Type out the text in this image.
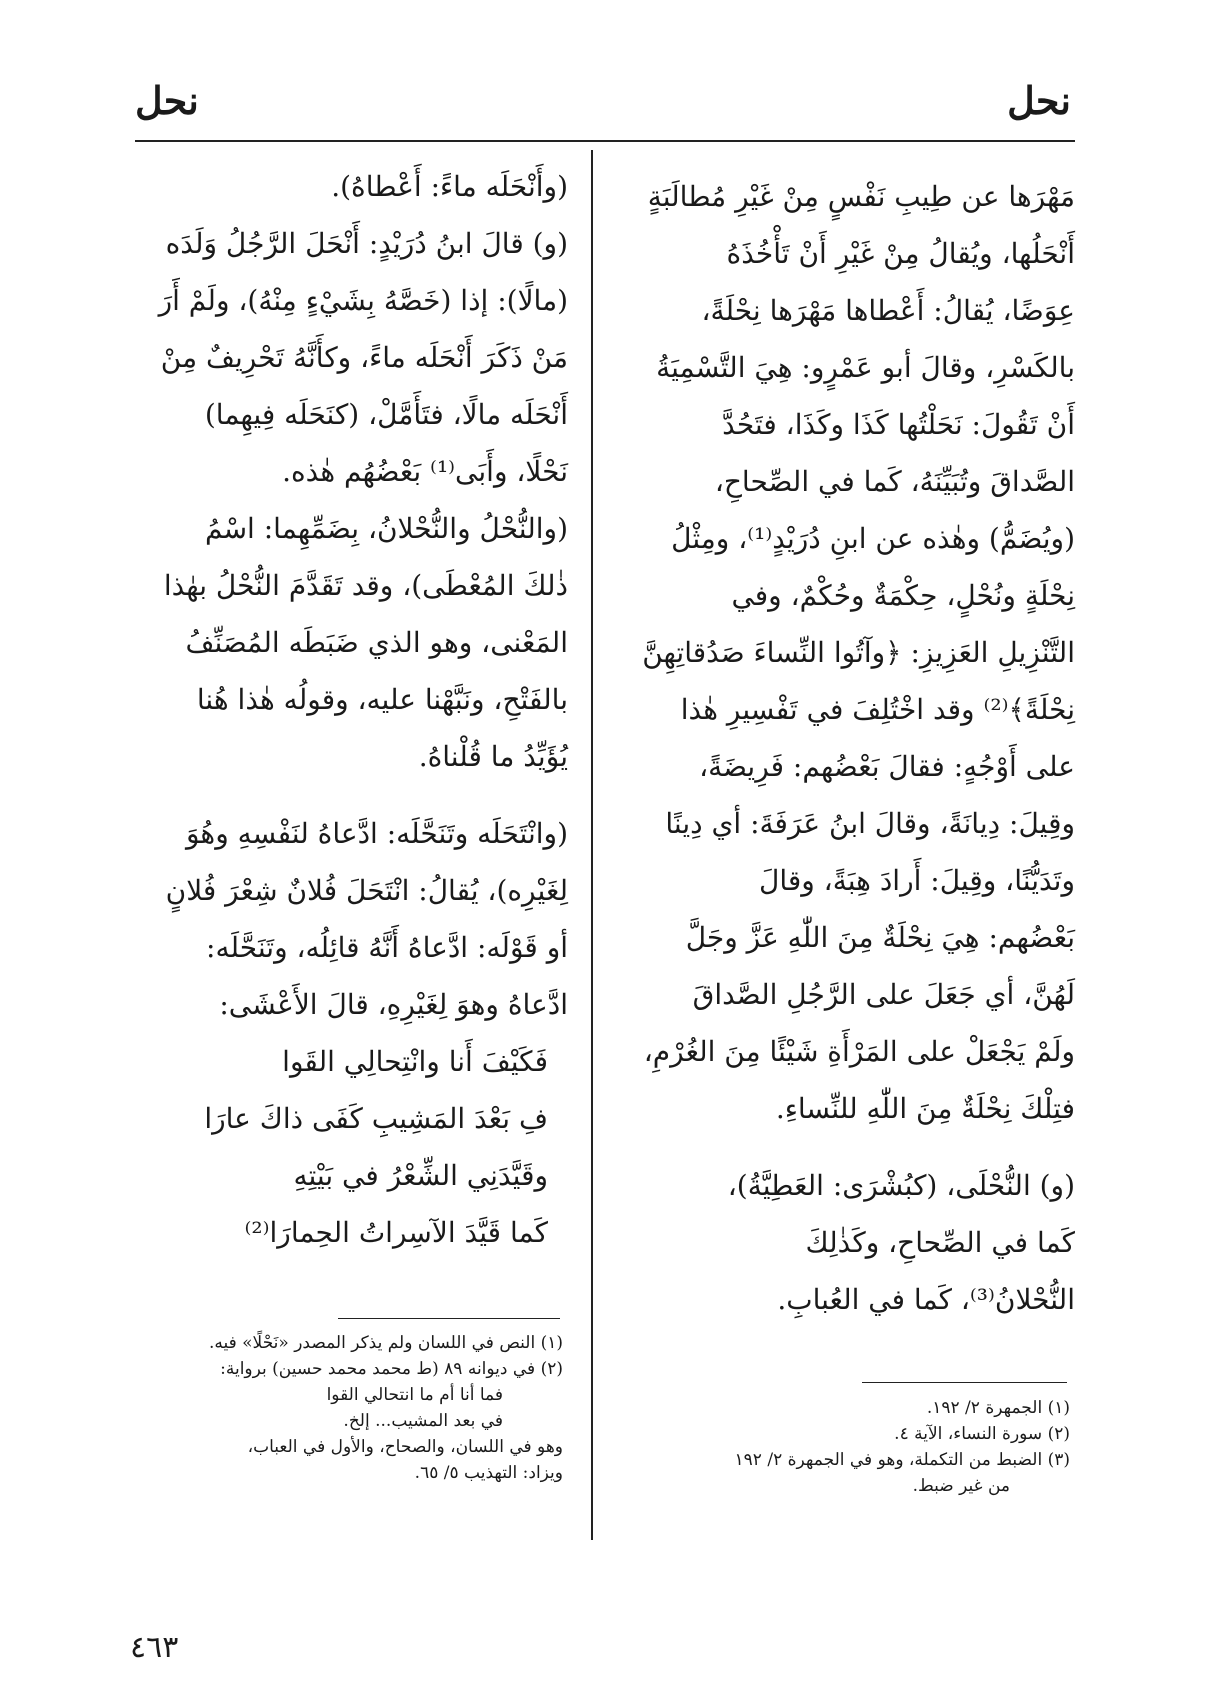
نحل
نحل

مَهْرَها عن طِيبِ نَفْسٍ مِنْ غَيْرِ مُطالَبَةٍ

أَنْحَلُها، ويُقالُ مِنْ غَيْرِ أَنْ تَأْخُذَهُ

عِوَضًا، يُقالُ: أَعْطاها مَهْرَها نِحْلَةً،

بالكَسْرِ، وقالَ أبو عَمْرٍو: هِيَ التَّسْمِيَةُ

أَنْ تَقُولَ: نَحَلْتُها كَذَا وكَذَا، فتَحُدَّ

الصَّداقَ وتُبَيِّنَهُ، كَما في الصِّحاحِ،

(ويُضَمُّ) وهٰذه عن ابنِ دُرَيْدٍ⁽¹⁾، ومِثْلُ

نِحْلَةٍ ونُحْلٍ، حِكْمَةٌ وحُكْمٌ، وفي

التَّنْزِيلِ العَزِيزِ: ﴿وآتُوا النِّساءَ صَدُقاتِهِنَّ

نِحْلَةً﴾⁽²⁾ وقد اخْتُلِفَ في تَفْسِيرِ هٰذا

على أَوْجُهٍ: فقالَ بَعْضُهم: فَرِيضَةً،

وقِيلَ: دِيانَةً، وقالَ ابنُ عَرَفَةَ: أي دِينًا

وتَدَيُّنًا، وقِيلَ: أَرادَ هِبَةً، وقالَ

بَعْضُهم: هِيَ نِحْلَةٌ مِنَ اللّٰهِ عَزَّ وجَلَّ

لَهُنَّ، أي جَعَلَ على الرَّجُلِ الصَّداقَ

ولَمْ يَجْعَلْ على المَرْأَةِ شَيْئًا مِنَ الغُرْمِ،

فتِلْكَ نِحْلَةٌ مِنَ اللّٰهِ للنِّساءِ.

(و) النُّحْلَى، (كبُشْرَى: العَطِيَّةُ)،

كَما في الصِّحاحِ، وكَذٰلِكَ

النُّحْلانُ⁽³⁾، كَما في العُبابِ.

(وأَنْحَلَه ماءً: أَعْطاهُ).

(و) قالَ ابنُ دُرَيْدٍ: أَنْحَلَ الرَّجُلُ وَلَدَه

(مالًا): إذا (خَصَّهُ بِشَيْءٍ مِنْهُ)، ولَمْ أَرَ

مَنْ ذَكَرَ أَنْحَلَه ماءً، وكأَنَّهُ تَحْرِيفٌ مِنْ

أَنْحَلَه مالًا، فتَأَمَّلْ، (كنَحَلَه فِيهِما)

نَحْلًا، وأَبَى⁽¹⁾ بَعْضُهُم هٰذه.

(والنُّحْلُ والنُّحْلانُ، بِضَمِّهِما: اسْمُ

ذٰلكَ المُعْطَى)، وقد تَقَدَّمَ النُّحْلُ بهٰذا

المَعْنى، وهو الذي ضَبَطَه المُصَنِّفُ

بالفَتْحِ، ونَبَّهْنا عليه، وقولُه هٰذا هُنا

يُؤَيِّدُ ما قُلْناهُ.

(وانْتَحَلَه وتَنَحَّلَه: ادَّعاهُ لنَفْسِهِ وهُوَ

لِغَيْرِه)، يُقالُ: انْتَحَلَ فُلانٌ شِعْرَ فُلانٍ

أو قَوْلَه: ادَّعاهُ أَنَّهُ قائِلُه، وتَنَحَّلَه:

ادَّعاهُ وهوَ لِغَيْرِهِ، قالَ الأَعْشَى:

فَكَيْفَ أَنا وانْتِحالِي القَوا

فِ بَعْدَ المَشِيبِ كَفَى ذاكَ عارَا

وقَيَّدَنِي الشِّعْرُ في بَيْتِهِ

كَما قَيَّدَ الآسِراتُ الحِمارَا⁽²⁾

(١) الجمهرة ٢/ ١٩٢.
(٢) سورة النساء، الآية ٤.
(٣) الضبط من التكملة، وهو في الجمهرة ٢/ ١٩٢
من غير ضبط.
(١) النص في اللسان ولم يذكر المصدر «نَحْلًا» فيه.
(٢) في ديوانه ٨٩ (ط محمد محمد حسين) برواية:
فما أنا أم ما انتحالي القوا
في بعد المشيب... إلخ.
وهو في اللسان، والصحاح، والأول في العباب،
ويزاد: التهذيب ٥/ ٦٥.
٤٦٣
